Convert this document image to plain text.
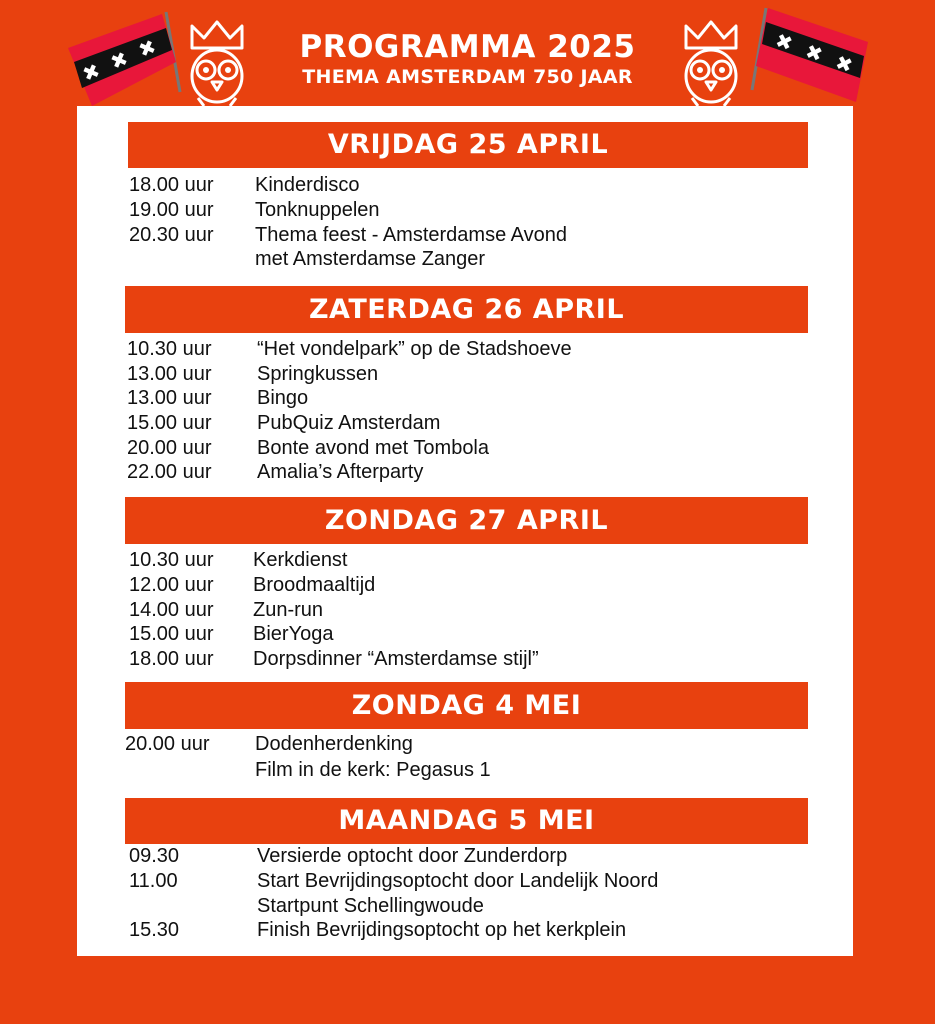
✖ ✖ ✖	PROGRAMMA 2025
THEMA AMSTERDAM 750 JAAR
✖ ✖ ✖
VRIJDAG 25 APRIL
18.00 uur Kinderdisco
19.00 uur Tonknuppelen
20.30 uur Thema feest - Amsterdamse Avond
met Amsterdamse Zanger
ZATERDAG 26 APRIL
10.30 uur “Het vondelpark” op de Stadshoeve
13.00 uur Springkussen
13.00 uur Bingo
15.00 uur PubQuiz Amsterdam
20.00 uur Bonte avond met Tombola
22.00 uur Amalia’s Afterparty
ZONDAG 27 APRIL
10.30 uur Kerkdienst
12.00 uur Broodmaaltijd
14.00 uur Zun-run
15.00 uur BierYoga
18.00 uur Dorpsdinner “Amsterdamse stijl”
ZONDAG 4 MEI
20.00 uur Dodenherdenking
Film in de kerk: Pegasus 1
MAANDAG 5 MEI
09.30	Versierde optocht door Zunderdorp
11.00	Start Bevrijdingsoptocht door Landelijk Noord
Startpunt Schellingwoude
15.30	Finish Bevrijdingsoptocht op het kerkplein
